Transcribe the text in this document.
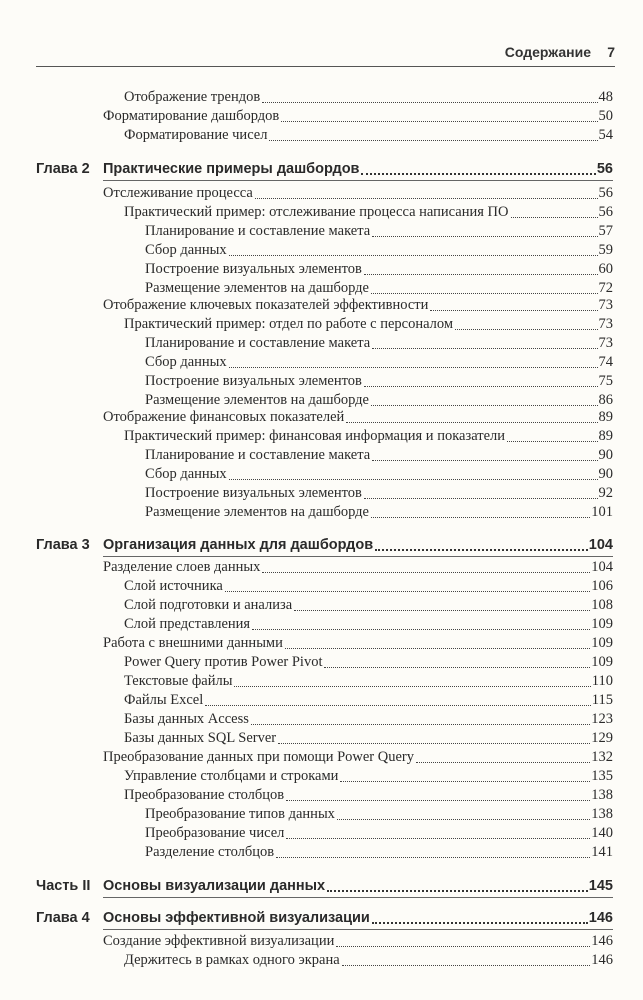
Содержание 7
Отображение трендов	48
Форматирование дашбордов	50
Форматирование чисел	54
Глава 2 Практические примеры дашбордов	56
Отслеживание процесса	56
Практический пример: отслеживание процесса написания ПО	56
Планирование и составление макета	57
Сбор данных	59
Построение визуальных элементов	60
Размещение элементов на дашборде	72
Отображение ключевых показателей эффективности	73
Практический пример: отдел по работе с персоналом	73
Планирование и составление макета	73
Сбор данных	74
Построение визуальных элементов	75
Размещение элементов на дашборде	86
Отображение финансовых показателей	89
Практический пример: финансовая информация и показатели	89
Планирование и составление макета	90
Сбор данных	90
Построение визуальных элементов	92
Размещение элементов на дашборде	101
Глава 3 Организация данных для дашбордов	104
Разделение слоев данных	104
Слой источника	106
Слой подготовки и анализа	108
Слой представления	109
Работа с внешними данными	109
Power Query против Power Pivot	109
Текстовые файлы	110
Файлы Excel	115
Базы данных Access	123
Базы данных SQL Server	129
Преобразование данных при помощи Power Query	132
Управление столбцами и строками	135
Преобразование столбцов	138
Преобразование типов данных	138
Преобразование чисел	140
Разделение столбцов	141
Часть II Основы визуализации данных	145
Глава 4 Основы эффективной визуализации	146
Создание эффективной визуализации	146
Держитесь в рамках одного экрана	146
